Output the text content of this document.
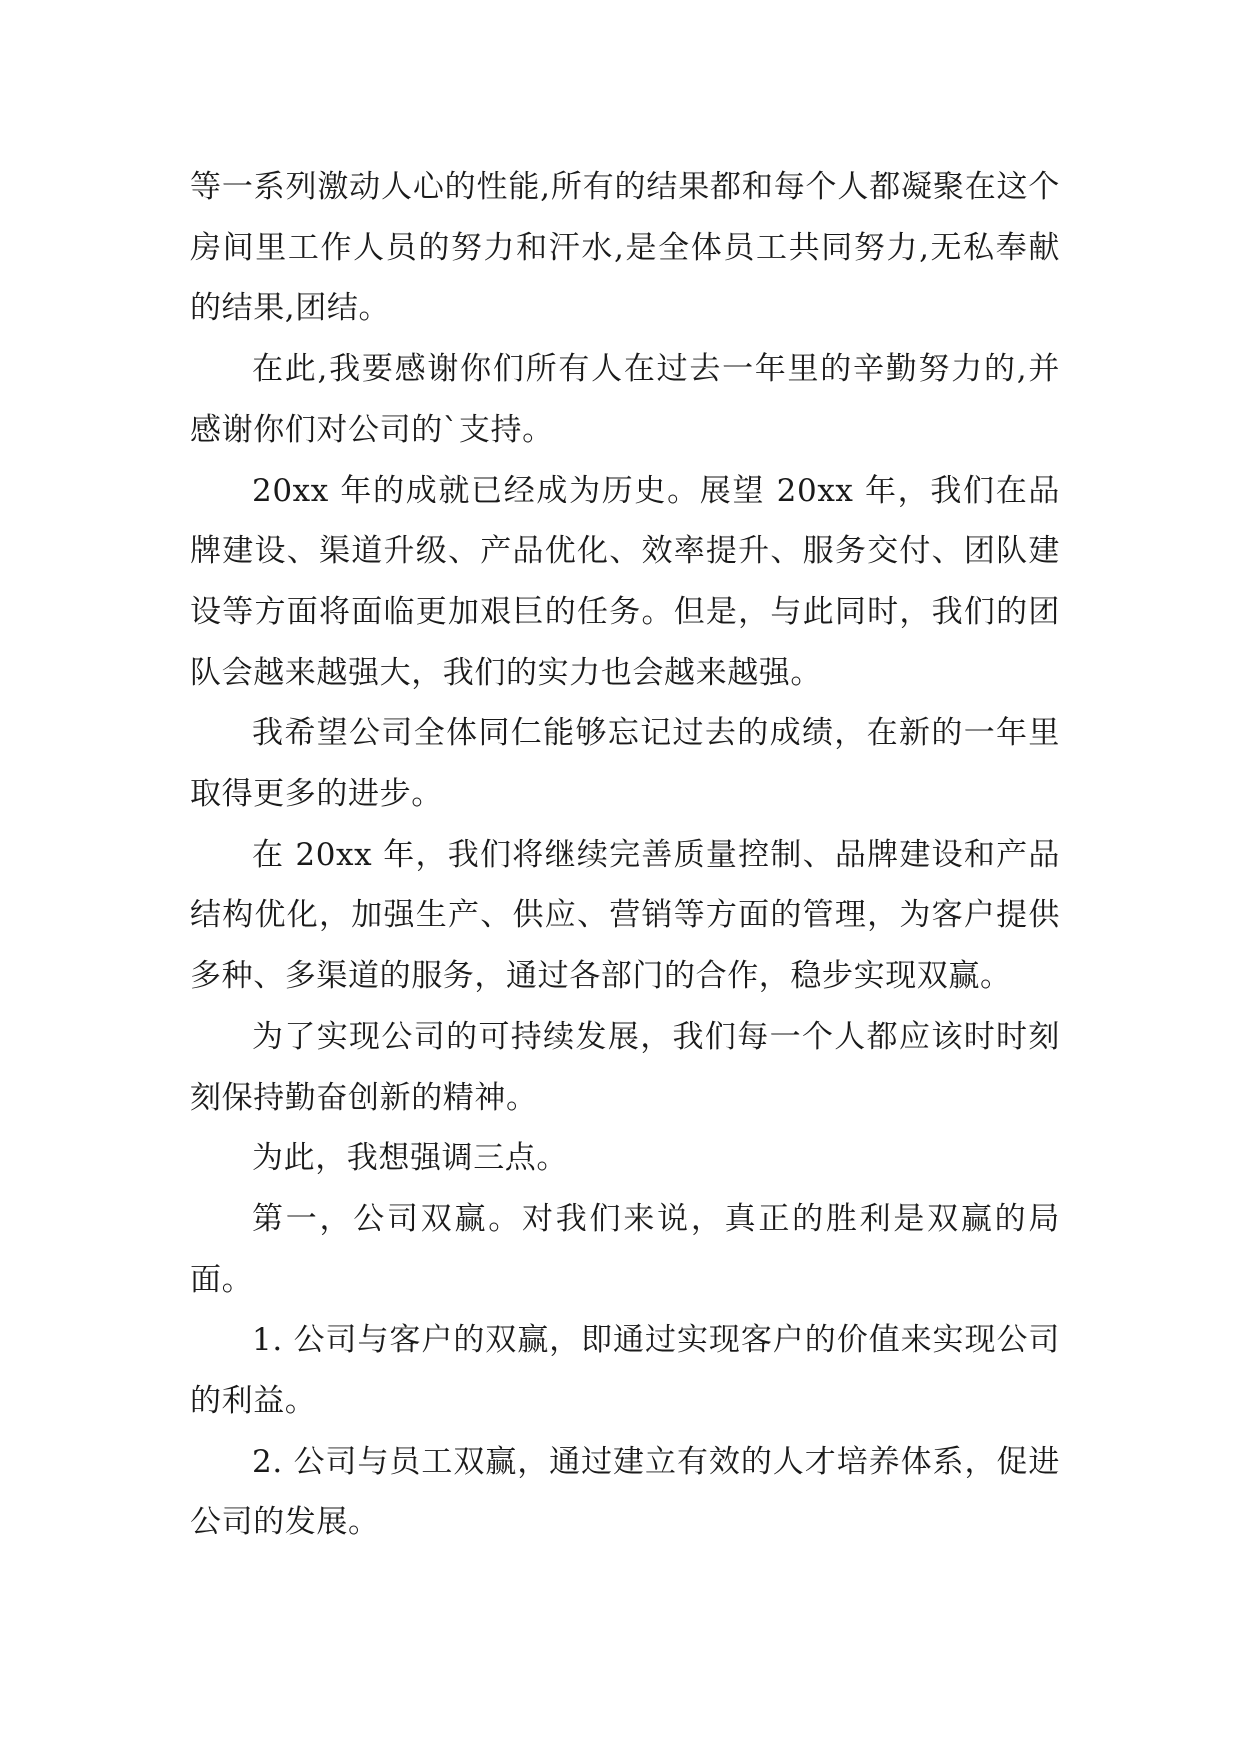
等一系列激动人心的性能,所有的结果都和每个人都凝聚在这个房间里工作人员的努力和汗水,是全体员工共同努力,无私奉献的结果,团结。

在此,我要感谢你们所有人在过去一年里的辛勤努力的,并感谢你们对公司的`支持。

20xx 年的成就已经成为历史。展望 20xx 年，我们在品牌建设、渠道升级、产品优化、效率提升、服务交付、团队建设等方面将面临更加艰巨的任务。但是，与此同时，我们的团队会越来越强大，我们的实力也会越来越强。

我希望公司全体同仁能够忘记过去的成绩，在新的一年里取得更多的进步。

在 20xx 年，我们将继续完善质量控制、品牌建设和产品结构优化，加强生产、供应、营销等方面的管理，为客户提供多种、多渠道的服务，通过各部门的合作，稳步实现双赢。

为了实现公司的可持续发展，我们每一个人都应该时时刻刻保持勤奋创新的精神。

为此，我想强调三点。

第一，公司双赢。对我们来说，真正的胜利是双赢的局面。

1. 公司与客户的双赢，即通过实现客户的价值来实现公司的利益。

2. 公司与员工双赢，通过建立有效的人才培养体系，促进公司的发展。
